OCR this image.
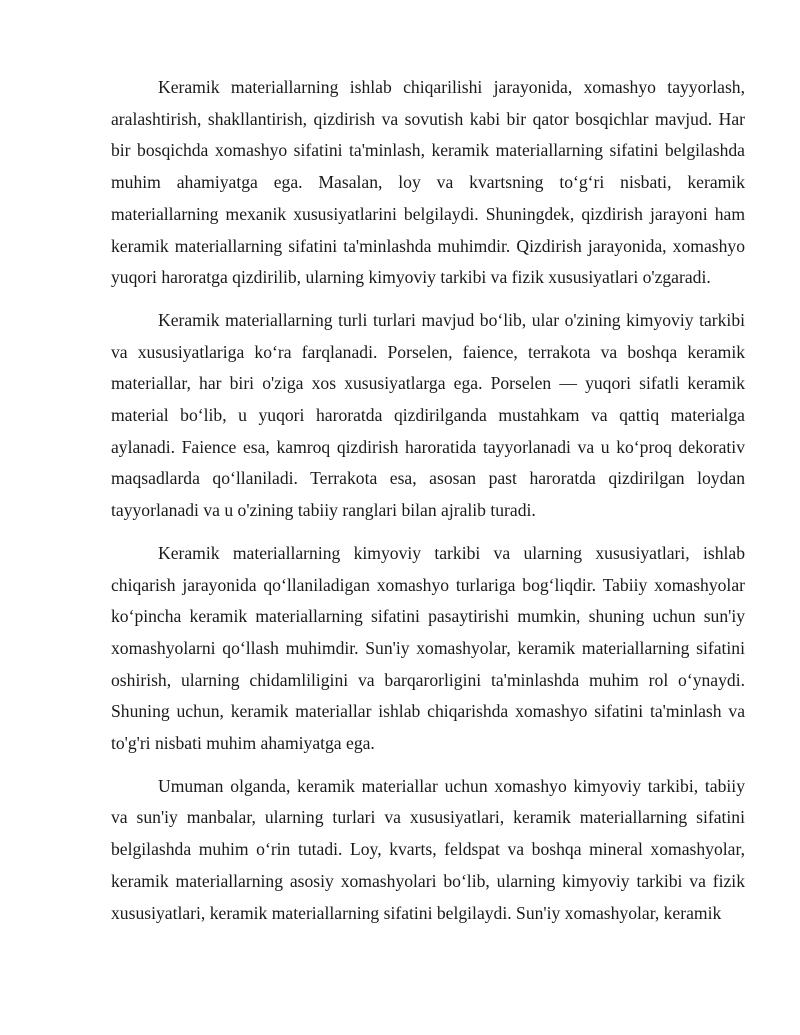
Keramik materiallarning ishlab chiqarilishi jarayonida, xomashyo tayyorlash, aralashtirish, shakllantirish, qizdirish va sovutish kabi bir qator bosqichlar mavjud. Har bir bosqichda xomashyo sifatini ta'minlash, keramik materiallarning sifatini belgilashda muhim ahamiyatga ega. Masalan, loy va kvartsning to‘g‘ri nisbati, keramik materiallarning mexanik xususiyatlarini belgilaydi. Shuningdek, qizdirish jarayoni ham keramik materiallarning sifatini ta'minlashda muhimdir. Qizdirish jarayonida, xomashyo yuqori haroratga qizdirilib, ularning kimyoviy tarkibi va fizik xususiyatlari o'zgaradi.

Keramik materiallarning turli turlari mavjud bo‘lib, ular o'zining kimyoviy tarkibi va xususiyatlariga ko‘ra farqlanadi. Porselen, faience, terrakota va boshqa keramik materiallar, har biri o'ziga xos xususiyatlarga ega. Porselen — yuqori sifatli keramik material bo‘lib, u yuqori haroratda qizdirilganda mustahkam va qattiq materialga aylanadi. Faience esa, kamroq qizdirish haroratida tayyorlanadi va u ko‘proq dekorativ maqsadlarda qo‘llaniladi. Terrakota esa, asosan past haroratda qizdirilgan loydan tayyorlanadi va u o'zining tabiiy ranglari bilan ajralib turadi.

Keramik materiallarning kimyoviy tarkibi va ularning xususiyatlari, ishlab chiqarish jarayonida qo‘llaniladigan xomashyo turlariga bog‘liqdir. Tabiiy xomashyolar ko‘pincha keramik materiallarning sifatini pasaytirishi mumkin, shuning uchun sun'iy xomashyolarni qo‘llash muhimdir. Sun'iy xomashyolar, keramik materiallarning sifatini oshirish, ularning chidamliligini va barqarorligini ta'minlashda muhim rol o‘ynaydi. Shuning uchun, keramik materiallar ishlab chiqarishda xomashyo sifatini ta'minlash va to'g'ri nisbati muhim ahamiyatga ega.

Umuman olganda, keramik materiallar uchun xomashyo kimyoviy tarkibi, tabiiy va sun'iy manbalar, ularning turlari va xususiyatlari, keramik materiallarning sifatini belgilashda muhim o‘rin tutadi. Loy, kvarts, feldspat va boshqa mineral xomashyolar, keramik materiallarning asosiy xomashyolari bo‘lib, ularning kimyoviy tarkibi va fizik xususiyatlari, keramik materiallarning sifatini belgilaydi. Sun'iy xomashyolar, keramik
